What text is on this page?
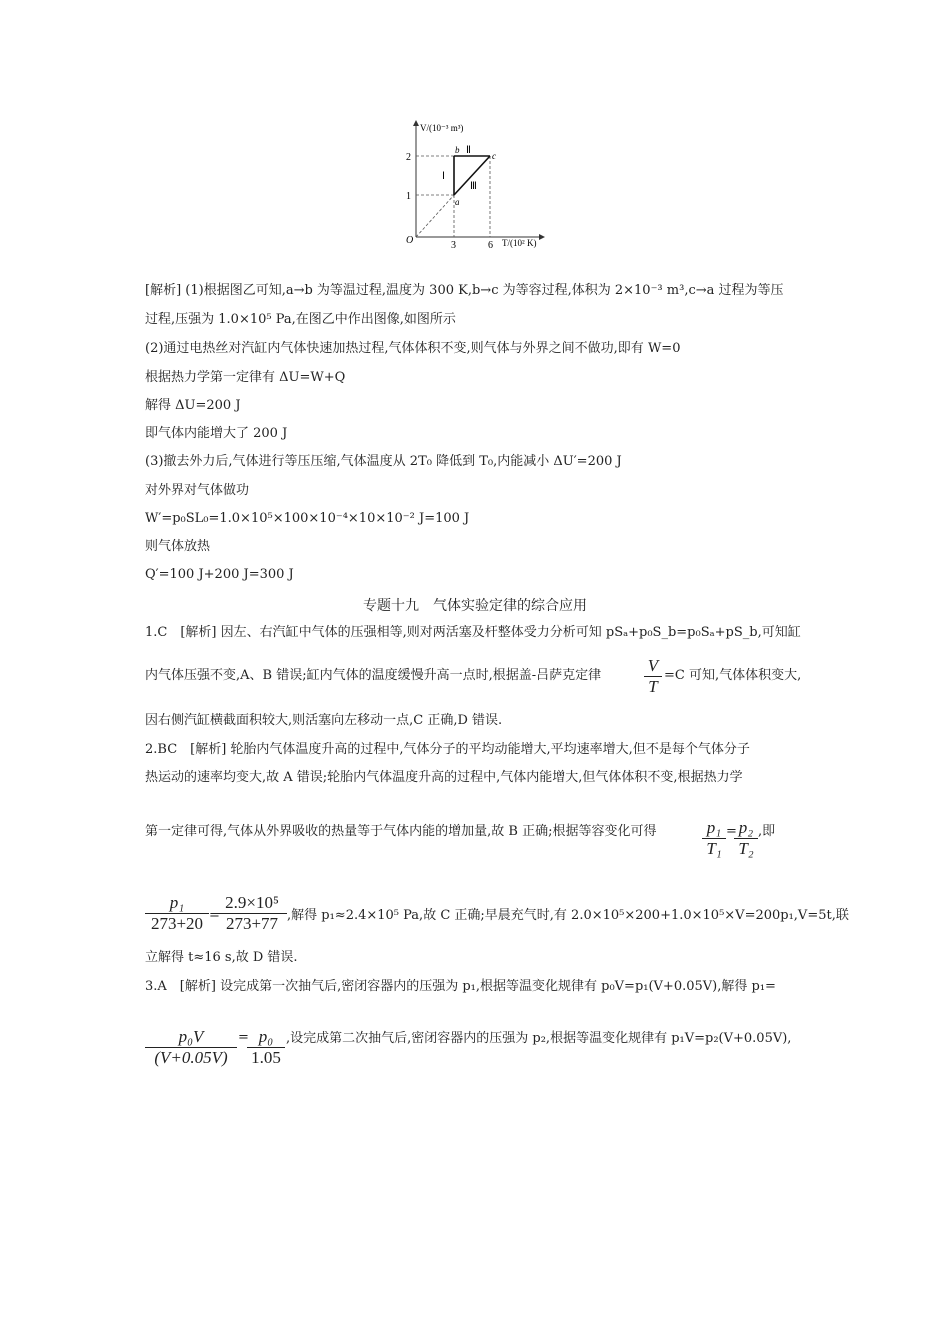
V/(10⁻³ m³)
T/(10² K)
O
1
2
3	6
a
b
c
Ⅰ
Ⅱ
Ⅲ
[解析] (1)根据图乙可知,a→b 为等温过程,温度为 300 K,b→c 为等容过程,体积为 2×10⁻³ m³,c→a 过程为等压
过程,压强为 1.0×10⁵ Pa,在图乙中作出图像,如图所示
(2)通过电热丝对汽缸内气体快速加热过程,气体体积不变,则气体与外界之间不做功,即有 W=0
根据热力学第一定律有 ΔU=W+Q
解得 ΔU=200 J
即气体内能增大了 200 J
(3)撤去外力后,气体进行等压压缩,气体温度从 2T₀ 降低到 T₀,内能减小 ΔU′=200 J
对外界对气体做功
W′=p₀SL₀=1.0×10⁵×100×10⁻⁴×10×10⁻² J=100 J
则气体放热
Q′=100 J+200 J=300 J
专题十九　气体实验定律的综合应用
1.C　[解析] 因左、右汽缸中气体的压强相等,则对两活塞及杆整体受力分析可知 pSₐ+p₀S_b=p₀Sₐ+pS_b,可知缸
内气体压强不变,A、B 错误;缸内气体的温度缓慢升高一点时,根据盖-吕萨克定律
V
T
=C 可知,气体体积变大,
因右侧汽缸横截面积较大,则活塞向左移动一点,C 正确,D 错误.
2.BC　[解析] 轮胎内气体温度升高的过程中,气体分子的平均动能增大,平均速率增大,但不是每个气体分子
热运动的速率均变大,故 A 错误;轮胎内气体温度升高的过程中,气体内能增大,但气体体积不变,根据热力学
第一定律可得,气体从外界吸收的热量等于气体内能的增加量,故 B 正确;根据等容变化可得	p₁
T₁
= p₂
T₂
,即
p₁
273+20 =
2.9×10⁵
273+77 ,解得 p₁≈2.4×10⁵ Pa,故 C 正确;早晨充气时,有 2.0×10⁵×200+1.0×10⁵×V=200p₁,V=5t,联
立解得 t≈16 s,故 D 错误.
3.A　[解析] 设完成第一次抽气后,密闭容器内的压强为 p₁,根据等温变化规律有 p₀V=p₁(V+0.05V),解得 p₁=
p₀V
(V+0.05V)
= p₀
1.05
,设完成第二次抽气后,密闭容器内的压强为 p₂,根据等温变化规律有 p₁V=p₂(V+0.05V),
